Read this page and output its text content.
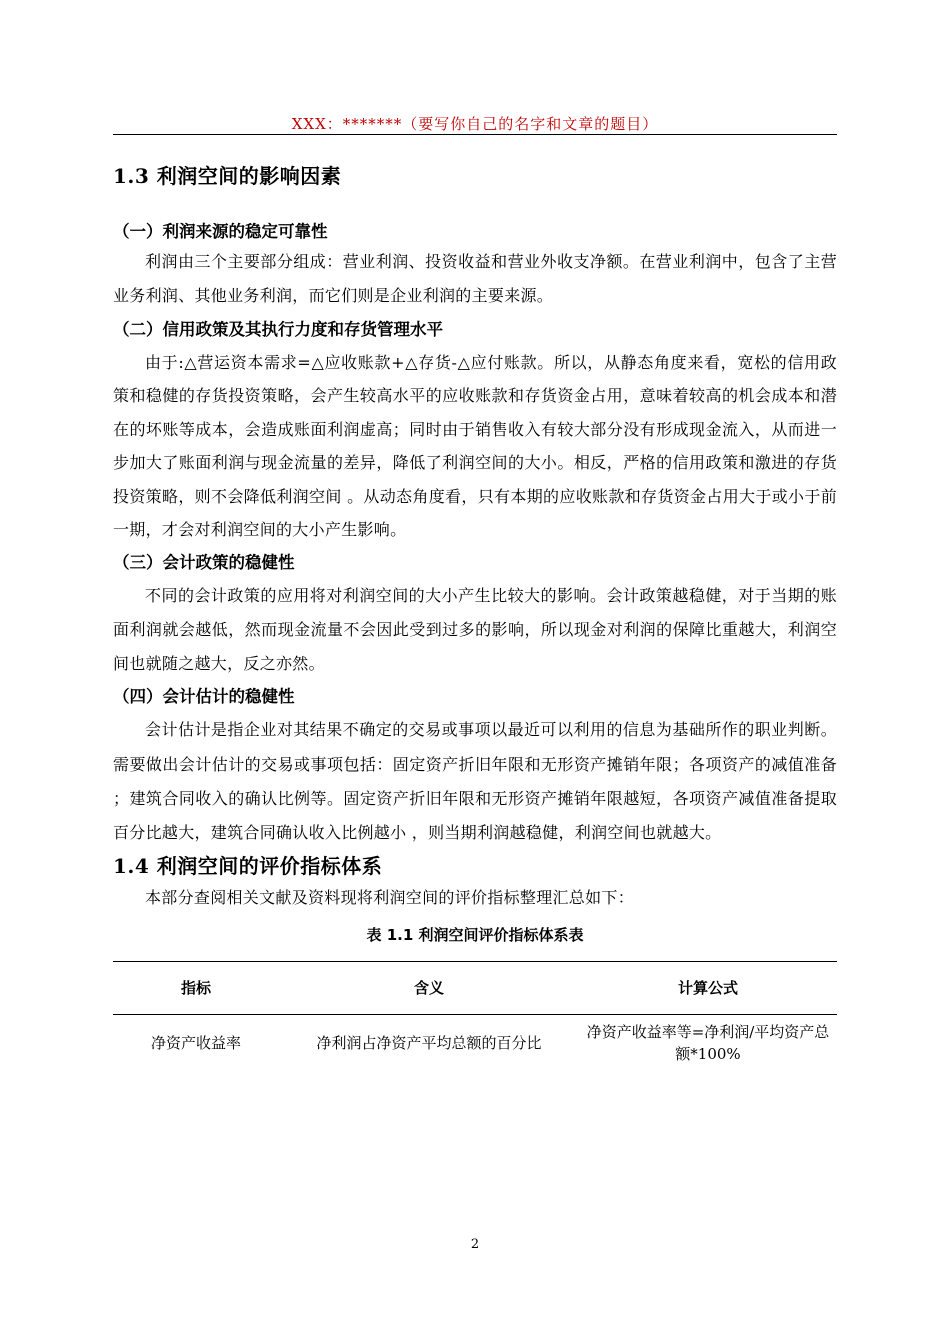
XXX：*******（要写你自己的名字和文章的题目）
1.3 利润空间的影响因素
（一）利润来源的稳定可靠性

利润由三个主要部分组成：营业利润、投资收益和营业外收支净额。在营业利润中，包含了主营业务利润、其他业务利润，而它们则是企业利润的主要来源。

（二）信用政策及其执行力度和存货管理水平

由于:△营运资本需求=△应收账款+△存货-△应付账款。所以，从静态角度来看，宽松的信用政策和稳健的存货投资策略，会产生较高水平的应收账款和存货资金占用，意味着较高的机会成本和潜在的坏账等成本，会造成账面利润虚高；同时由于销售收入有较大部分没有形成现金流入，从而进一步加大了账面利润与现金流量的差异，降低了利润空间的大小。相反，严格的信用政策和激进的存货投资策略，则不会降低利润空间 。从动态角度看，只有本期的应收账款和存货资金占用大于或小于前一期，才会对利润空间的大小产生影响。

（三）会计政策的稳健性

不同的会计政策的应用将对利润空间的大小产生比较大的影响。会计政策越稳健，对于当期的账面利润就会越低，然而现金流量不会因此受到过多的影响，所以现金对利润的保障比重越大，利润空间也就随之越大，反之亦然。

（四）会计估计的稳健性

会计估计是指企业对其结果不确定的交易或事项以最近可以利用的信息为基础所作的职业判断。需要做出会计估计的交易或事项包括：固定资产折旧年限和无形资产摊销年限；各项资产的减值准备 ；建筑合同收入的确认比例等。固定资产折旧年限和无形资产摊销年限越短，各项资产减值准备提取百分比越大，建筑合同确认收入比例越小 ，则当期利润越稳健，利润空间也就越大。

1.4 利润空间的评价指标体系

本部分查阅相关文献及资料现将利润空间的评价指标整理汇总如下：

表 1.1 利润空间评价指标体系表
指标	含义	计算公式
净资产收益率	净利润占净资产平均总额的百分比	净资产收益率等=净利润/平均资产总额*100%
2
